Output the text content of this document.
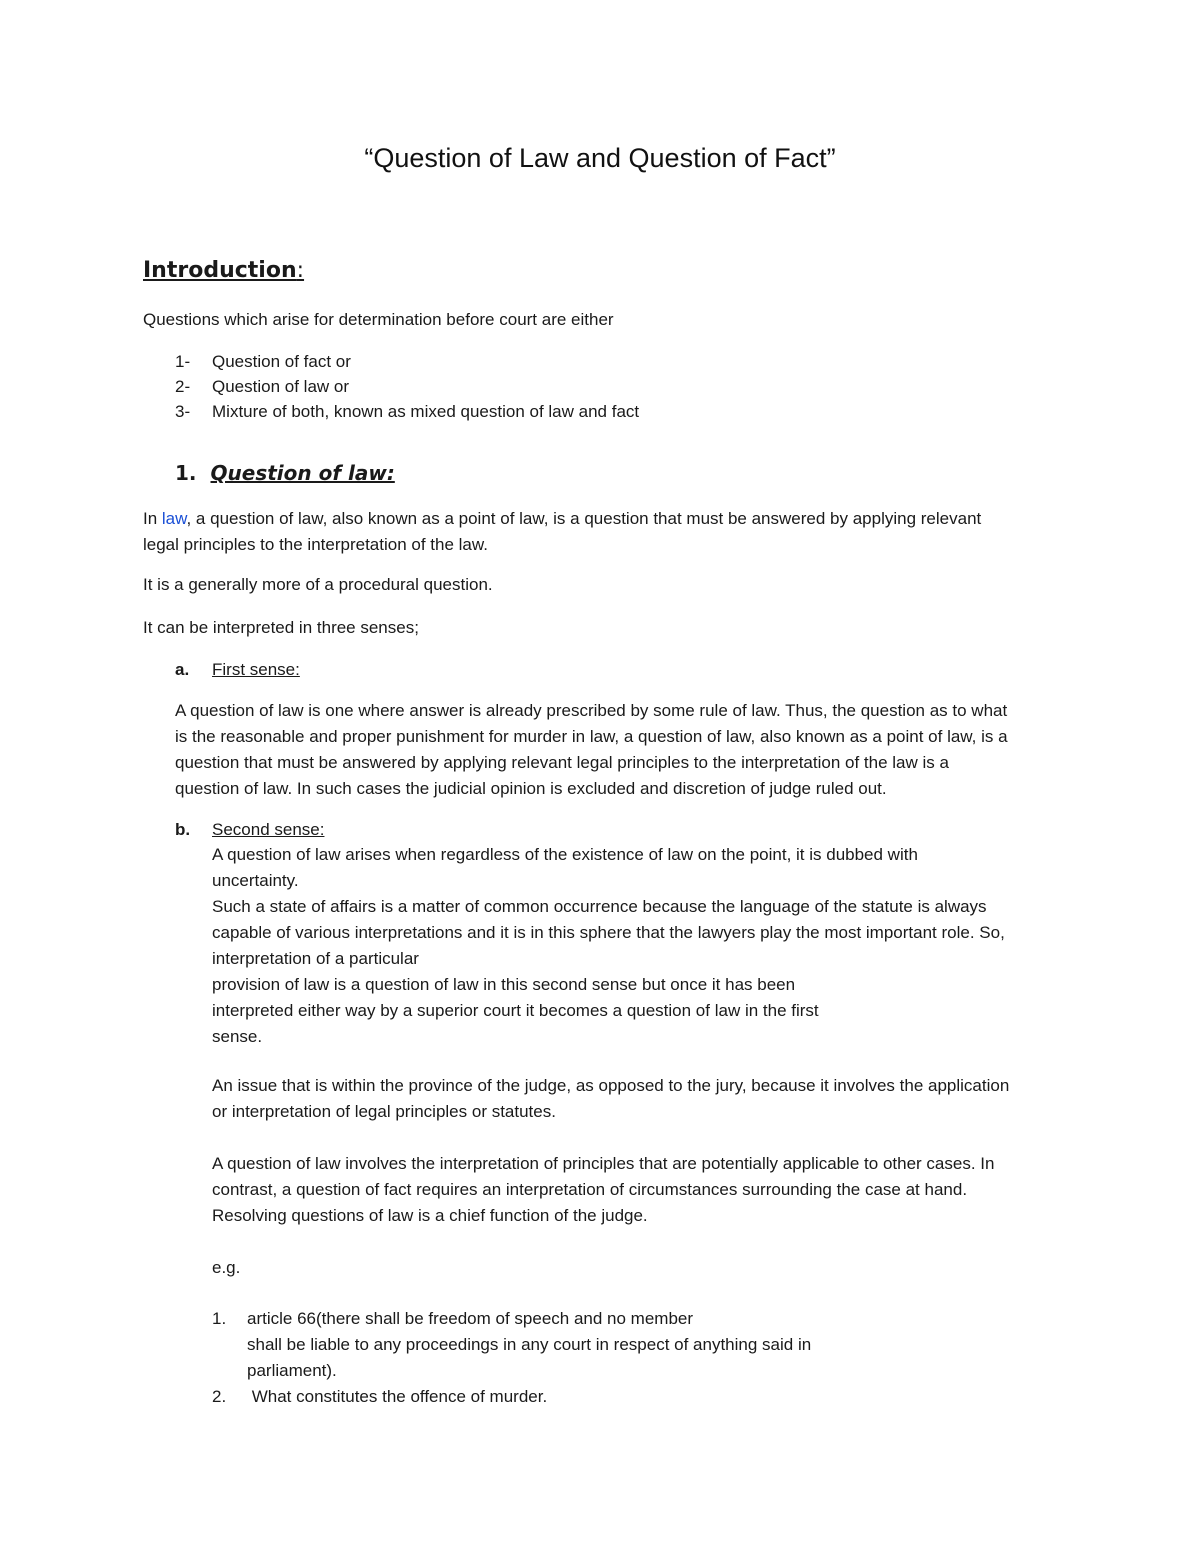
“Question of Law and Question of Fact”
Introduction:
Questions which arise for determination before court are either
1- Question of fact or
2- Question of law or
3- Mixture of both, known as mixed question of law and fact
1. Question of law:
In law, a question of law, also known as a point of law, is a question that must be answered by applying relevant
legal principles to the interpretation of the law.
It is a generally more of a procedural question.
It can be interpreted in three senses;
a. First sense:
A question of law is one where answer is already prescribed by some rule of law. Thus, the question as to what
is the reasonable and proper punishment for murder in law, a question of law, also known as a point of law, is a
question that must be answered by applying relevant legal principles to the interpretation of the law is a
question of law. In such cases the judicial opinion is excluded and discretion of judge ruled out.
b. Second sense:
A question of law arises when regardless of the existence of law on the point, it is dubbed with
uncertainty.
Such a state of affairs is a matter of common occurrence because the language of the statute is always
capable of various interpretations and it is in this sphere that the lawyers play the most important role. So,
interpretation of a particular
provision of law is a question of law in this second sense but once it has been
interpreted either way by a superior court it becomes a question of law in the first
sense.
An issue that is within the province of the judge, as opposed to the jury, because it involves the application
or interpretation of legal principles or statutes.
A question of law involves the interpretation of principles that are potentially applicable to other cases. In
contrast, a question of fact requires an interpretation of circumstances surrounding the case at hand.
Resolving questions of law is a chief function of the judge.
e.g.
1. article 66(there shall be freedom of speech and no member
shall be liable to any proceedings in any court in respect of anything said in
parliament).
2. What constitutes the offence of murder.
